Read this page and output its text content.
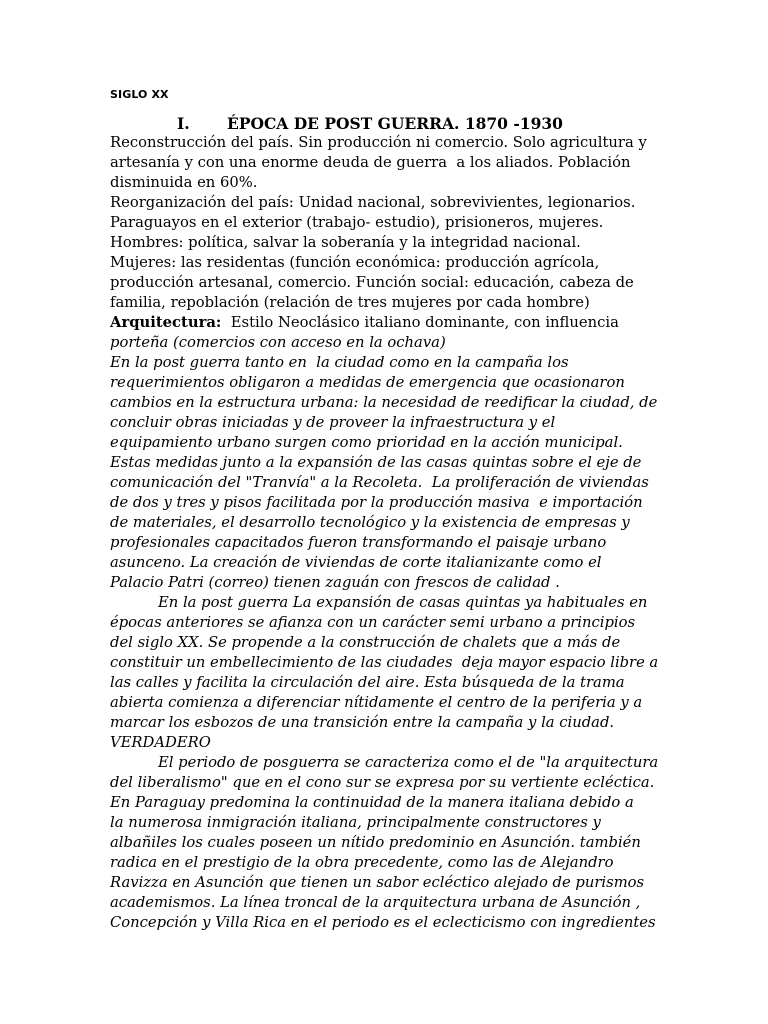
SIGLO XX

I. ÉPOCA DE POST GUERRA. 1870 -1930

Reconstrucción del país. Sin producción ni comercio. Solo agricultura y

artesanía y con una enorme deuda de guerra  a los aliados. Población

disminuida en 60%.

Reorganización del país: Unidad nacional, sobrevivientes, legionarios.

Paraguayos en el exterior (trabajo- estudio), prisioneros, mujeres.

Hombres: política, salvar la soberanía y la integridad nacional.

Mujeres: las residentas (función económica: producción agrícola,

producción artesanal, comercio. Función social: educación, cabeza de

familia, repoblación (relación de tres mujeres por cada hombre)

Arquitectura:  Estilo Neoclásico italiano dominante, con influencia

porteña (comercios con acceso en la ochava)

En la post guerra tanto en  la ciudad como en la campaña los

requerimientos obligaron a medidas de emergencia que ocasionaron

cambios en la estructura urbana: la necesidad de reedificar la ciudad, de

concluir obras iniciadas y de proveer la infraestructura y el

equipamiento urbano surgen como prioridad en la acción municipal.

Estas medidas junto a la expansión de las casas quintas sobre el eje de

comunicación del "Tranvía" a la Recoleta.  La proliferación de viviendas

de dos y tres y pisos facilitada por la producción masiva  e importación

de materiales, el desarrollo tecnológico y la existencia de empresas y

profesionales capacitados fueron transformando el paisaje urbano

asunceno. La creación de viviendas de corte italianizante como el

Palacio Patri (correo) tienen zaguán con frescos de calidad .

En la post guerra La expansión de casas quintas ya habituales en

épocas anteriores se afianza con un carácter semi urbano a principios

del siglo XX. Se propende a la construcción de chalets que a más de

constituir un embellecimiento de las ciudades  deja mayor espacio libre a

las calles y facilita la circulación del aire. Esta búsqueda de la trama

abierta comienza a diferenciar nítidamente el centro de la periferia y a

marcar los esbozos de una transición entre la campaña y la ciudad.

VERDADERO

El periodo de posguerra se caracteriza como el de "la arquitectura

del liberalismo" que en el cono sur se expresa por su vertiente ecléctica.

En Paraguay predomina la continuidad de la manera italiana debido a

la numerosa inmigración italiana, principalmente constructores y

albañiles los cuales poseen un nítido predominio en Asunción. también

radica en el prestigio de la obra precedente, como las de Alejandro

Ravizza en Asunción que tienen un sabor ecléctico alejado de purismos

academismos. La línea troncal de la arquitectura urbana de Asunción ,

Concepción y Villa Rica en el periodo es el eclecticismo con ingredientes
